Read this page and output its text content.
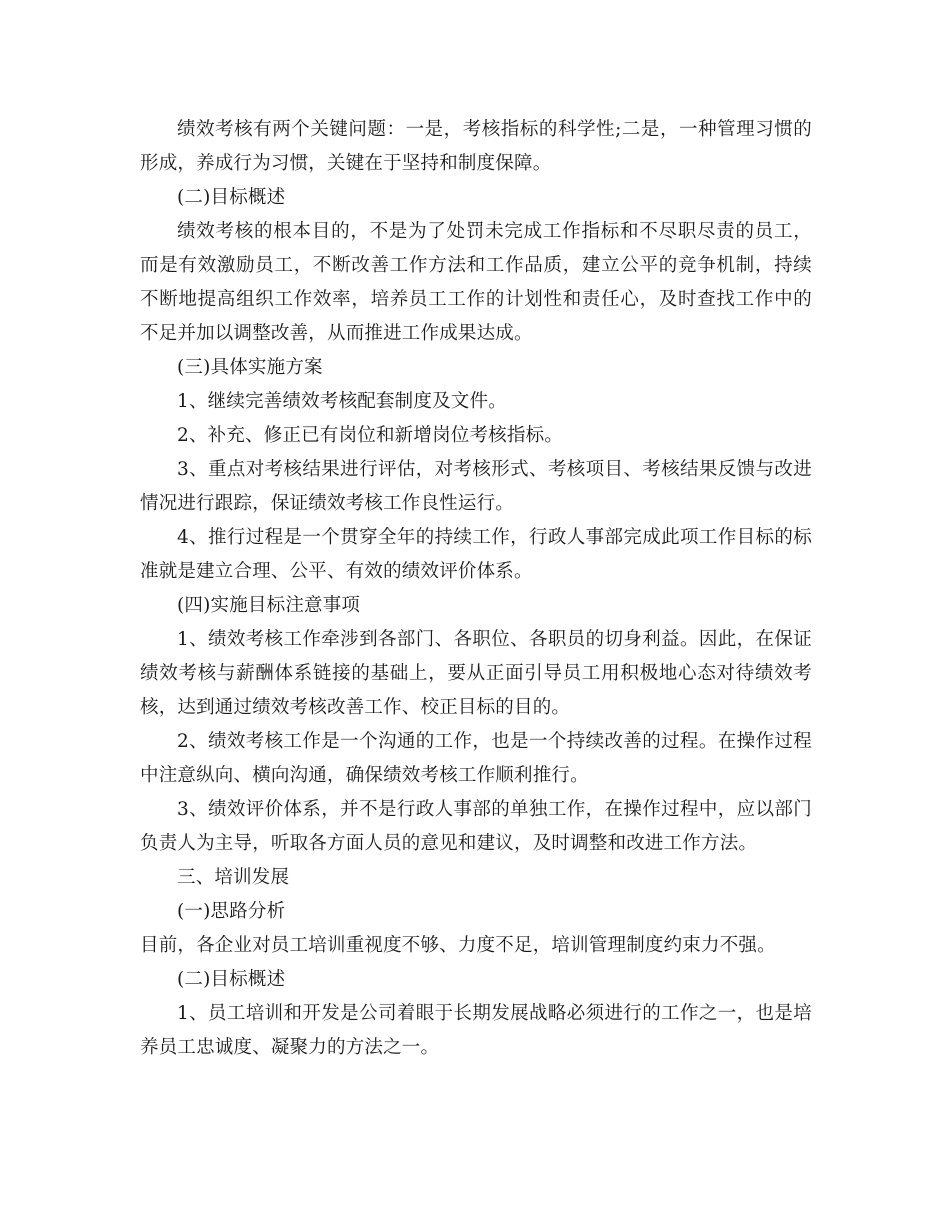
绩效考核有两个关键问题：一是，考核指标的科学性;二是，一种管理习惯的形成，养成行为习惯，关键在于坚持和制度保障。

(二)目标概述

绩效考核的根本目的，不是为了处罚未完成工作指标和不尽职尽责的员工，而是有效激励员工，不断改善工作方法和工作品质，建立公平的竞争机制，持续不断地提高组织工作效率，培养员工工作的计划性和责任心，及时查找工作中的不足并加以调整改善，从而推进工作成果达成。

(三)具体实施方案

1、继续完善绩效考核配套制度及文件。

2、补充、修正已有岗位和新增岗位考核指标。

3、重点对考核结果进行评估，对考核形式、考核项目、考核结果反馈与改进情况进行跟踪，保证绩效考核工作良性运行。

4、推行过程是一个贯穿全年的持续工作，行政人事部完成此项工作目标的标准就是建立合理、公平、有效的绩效评价体系。

(四)实施目标注意事项

1、绩效考核工作牵涉到各部门、各职位、各职员的切身利益。因此，在保证绩效考核与薪酬体系链接的基础上，要从正面引导员工用积极地心态对待绩效考核，达到通过绩效考核改善工作、校正目标的目的。

2、绩效考核工作是一个沟通的工作，也是一个持续改善的过程。在操作过程中注意纵向、横向沟通，确保绩效考核工作顺利推行。

3、绩效评价体系，并不是行政人事部的单独工作，在操作过程中，应以部门负责人为主导，听取各方面人员的意见和建议，及时调整和改进工作方法。

三、培训发展

(一)思路分析

目前，各企业对员工培训重视度不够、力度不足，培训管理制度约束力不强。

(二)目标概述

1、员工培训和开发是公司着眼于长期发展战略必须进行的工作之一，也是培养员工忠诚度、凝聚力的方法之一。
